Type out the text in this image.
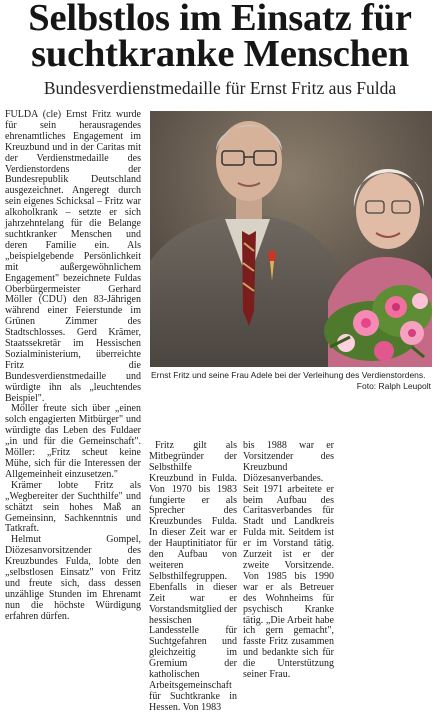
Selbstlos im Einsatz für
suchtkranke Menschen
Bundesverdienstmedaille für Ernst Fritz aus Fulda

FULDA (cle) Ernst Fritz wurde für sein herausragendes ehrenamtliches Engagement im Kreuzbund und in der Caritas mit der Verdienstmedaille des Verdienstordens der Bundesrepublik Deutschland ausgezeichnet. Angeregt durch sein eigenes Schicksal – Fritz war alkoholkrank – setzte er sich jahrzehntelang für die Belange suchtkranker Menschen und deren Familie ein. Als „beispielgebende Persönlichkeit mit außergewöhnlichem Engagement" bezeichnete Fuldas Oberbürgermeister Gerhard Möller (CDU) den 83-Jährigen während einer Feierstunde im Grünen Zimmer des Stadtschlosses. Gerd Krämer, Staatssekretär im Hessischen Sozialministerium, überreichte Fritz die Bundesverdienstmedaille und würdigte ihn als „leuchtendes Beispiel".

Möller freute sich über „einen solch engagierten Mitbürger" und würdigte das Leben des Fuldaer „in und für die Gemeinschaft". Möller: „Fritz scheut keine Mühe, sich für die Interessen der Allgemeinheit einzusetzen."

Krämer lobte Fritz als „Wegbereiter der Suchthilfe" und schätzt sein hohes Maß an Gemeinsinn, Sachkenntnis und Tatkraft.

Helmut Gompel, Diözesanvorsitzender des Kreuzbundes Fulda, lobte den „selbstlosen Einsatz" von Fritz und freute sich, dass dessen unzählige Stunden im Ehrenamt nun die höchste Würdigung erfahren dürfen.

Ernst Fritz und seine Frau Adele bei der Verleihung des Verdienstordens.
Foto: Ralph Leupolt

Fritz gilt als Mitbegründer der Selbsthilfe Kreuzbund in Fulda. Von 1970 bis 1983 fungierte er als Sprecher des Kreuzbundes Fulda. In dieser Zeit war er der Hauptinitiator für den Aufbau von weiteren Selbsthilfegruppen. Ebenfalls in dieser Zeit war er Vorstandsmitglied der hessischen Landesstelle für Suchtgefahren und gleichzeitig im Gremium der katholischen Arbeitsgemeinschaft für Suchtkranke in Hessen. Von 1983

bis 1988 war er Vorsitzender des Kreuzbund Diözesanverbandes. Seit 1971 arbeitete er beim Aufbau des Caritasverbandes für Stadt und Landkreis Fulda mit. Seitdem ist er im Vorstand tätig. Zurzeit ist er der zweite Vorsitzende. Von 1985 bis 1990 war er als Betreuer des Wohnheims für psychisch Kranke tätig. „Die Arbeit habe ich gern gemacht", fasste Fritz zusammen und bedankte sich für die Unterstützung seiner Frau.
